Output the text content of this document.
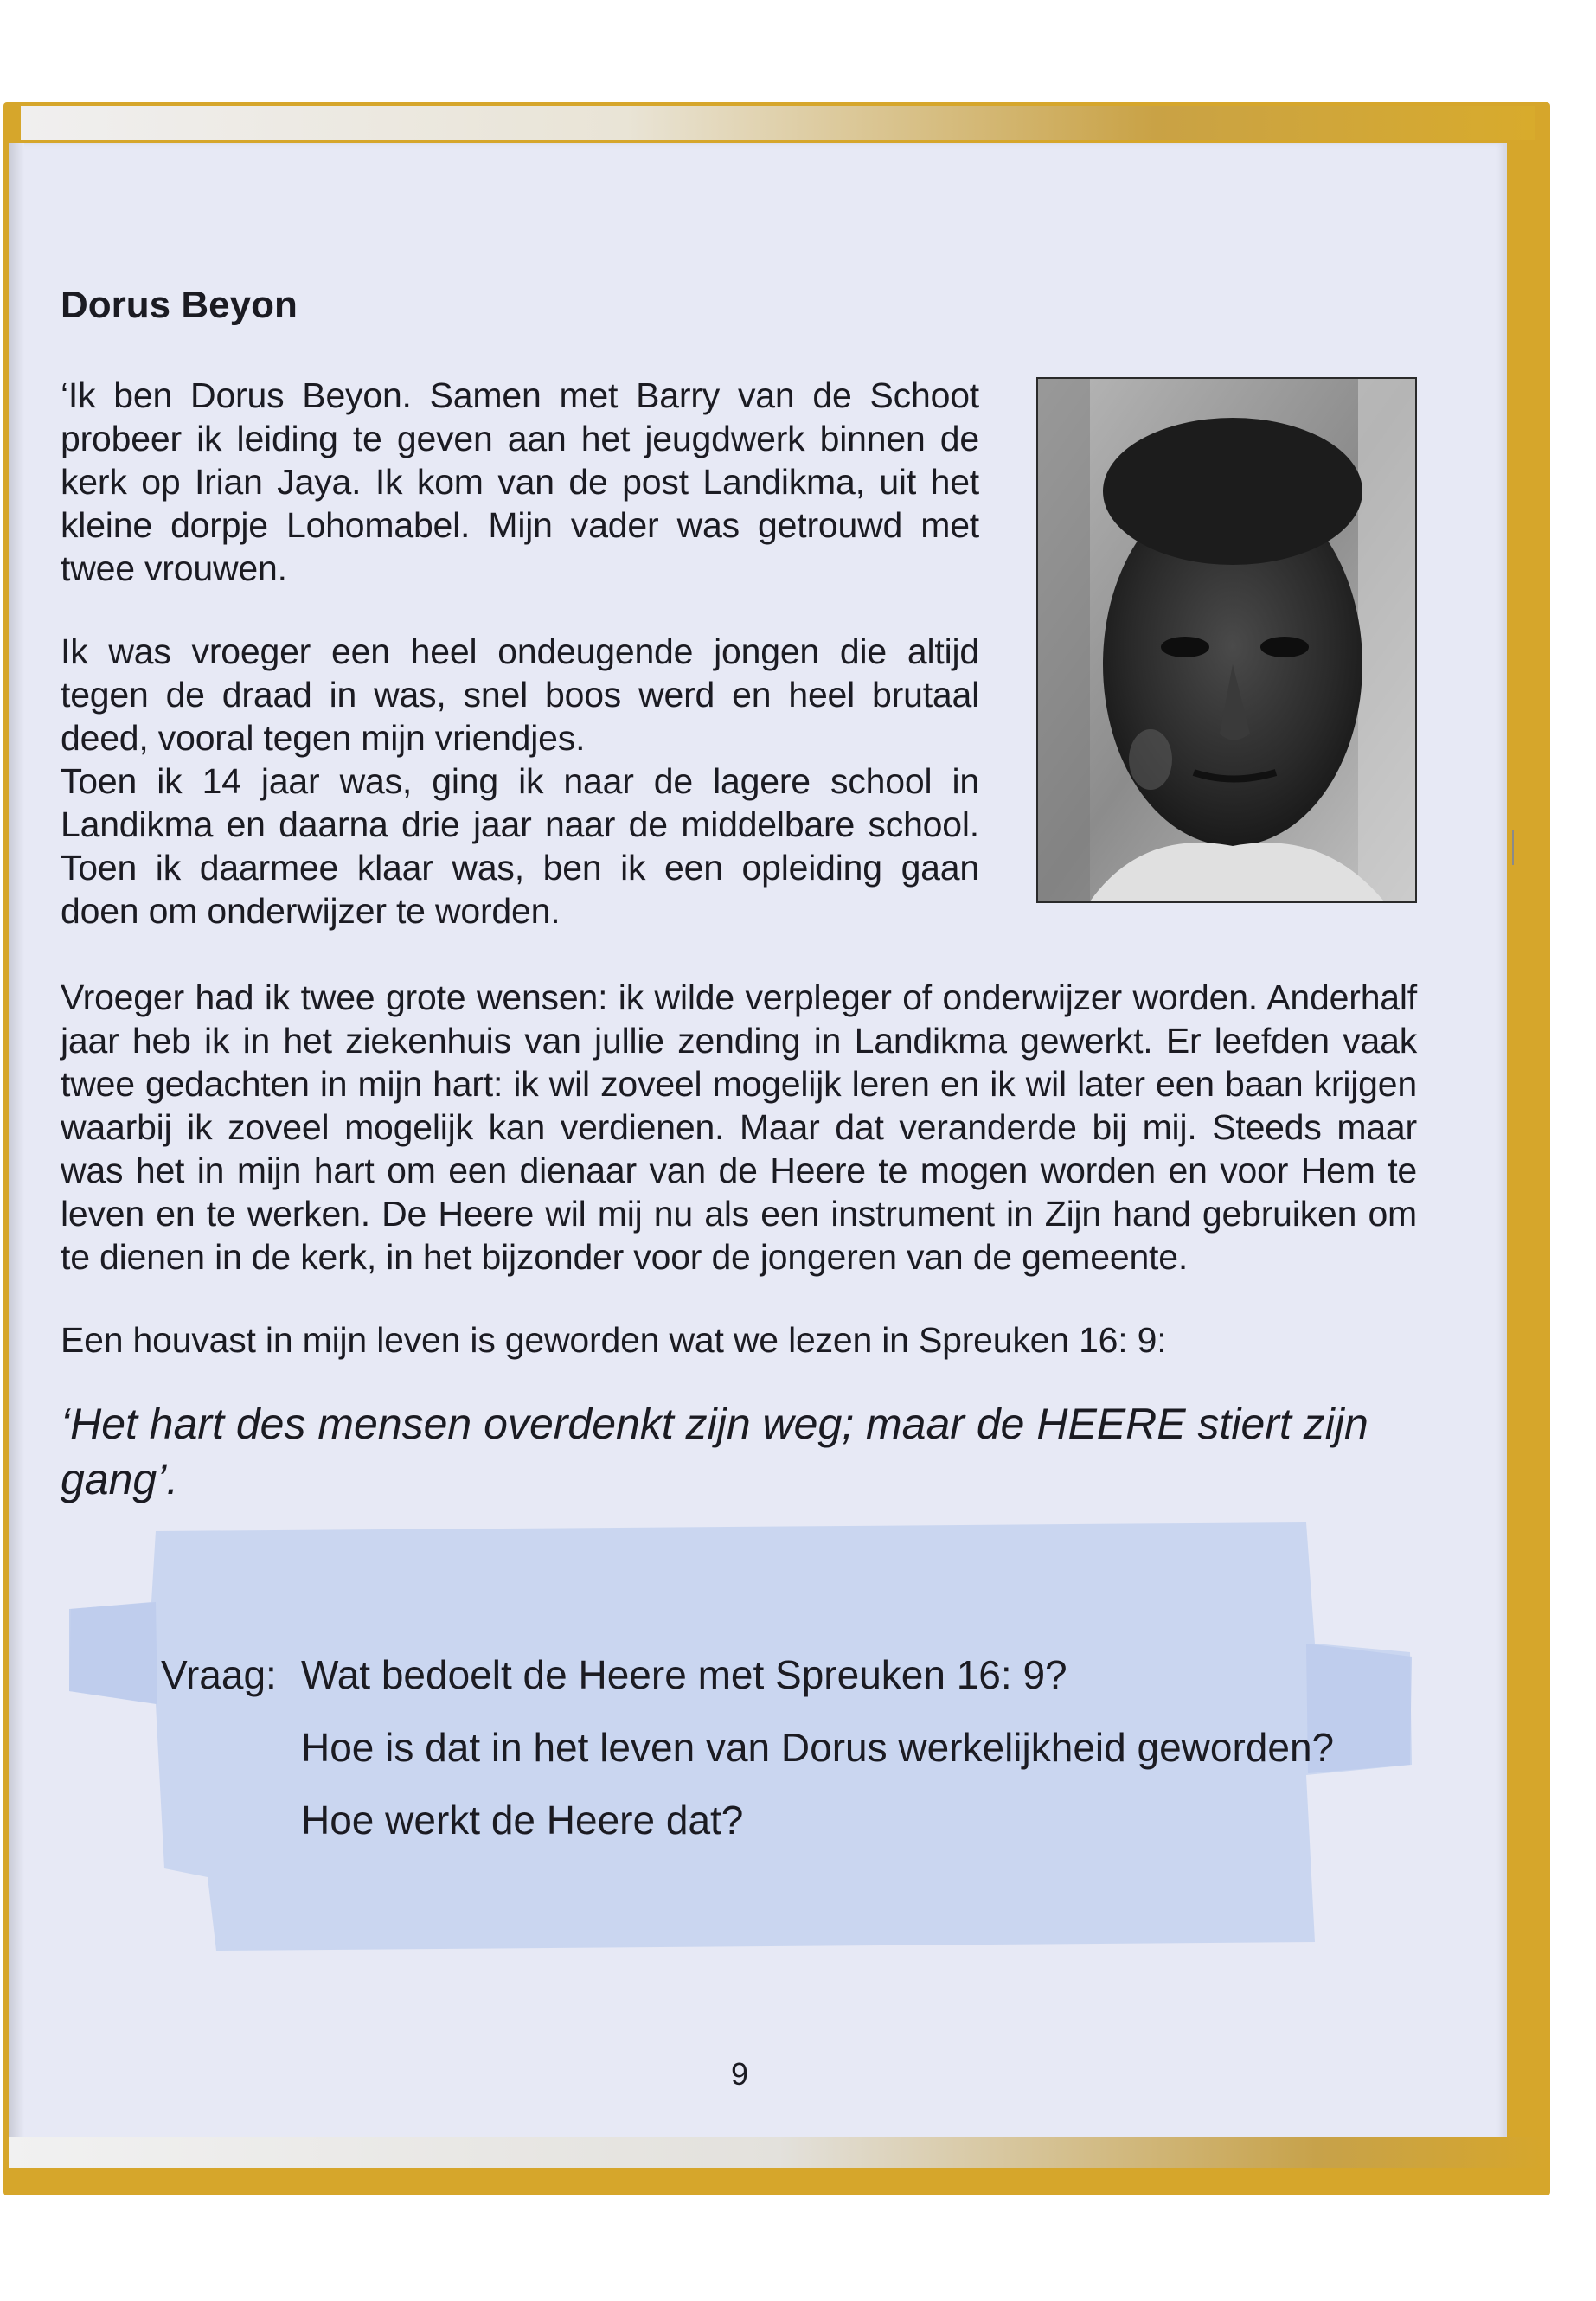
Dorus Beyon

‘Ik ben Dorus Beyon. Samen met Barry van de Schoot probeer ik leiding te geven aan het jeugdwerk binnen de kerk op Irian Jaya. Ik kom van de post Landikma, uit het kleine dorpje Lohomabel. Mijn vader was getrouwd met twee vrouwen.

Ik was vroeger een heel ondeugende jongen die altijd tegen de draad in was, snel boos werd en heel brutaal deed, vooral tegen mijn vriendjes.

Toen ik 14 jaar was, ging ik naar de lagere school in Landikma en daarna drie jaar naar de middelbare school. Toen ik daarmee klaar was, ben ik een opleiding gaan doen om onderwijzer te worden.

Vroeger had ik twee grote wensen: ik wilde verpleger of onderwijzer worden. Anderhalf jaar heb ik in het ziekenhuis van jullie zending in Landikma gewerkt. Er leefden vaak twee gedachten in mijn hart: ik wil zoveel mogelijk leren en ik wil later een baan krijgen waarbij ik zoveel mogelijk kan verdienen. Maar dat veranderde bij mij. Steeds maar was het in mijn hart om een dienaar van de Heere te mogen worden en voor Hem te leven en te werken. De Heere wil mij nu als een instrument in Zijn hand gebruiken om te dienen in de kerk, in het bijzonder voor de jongeren van de gemeente.

Een houvast in mijn leven is geworden wat we lezen in Spreuken 16: 9:

‘Het hart des mensen overdenkt zijn weg; maar de HEERE stiert zijn gang’.

Vraag: Wat bedoelt de Heere met Spreuken 16: 9?
Hoe is dat in het leven van Dorus werkelijkheid geworden?
Hoe werkt de Heere dat?
9
